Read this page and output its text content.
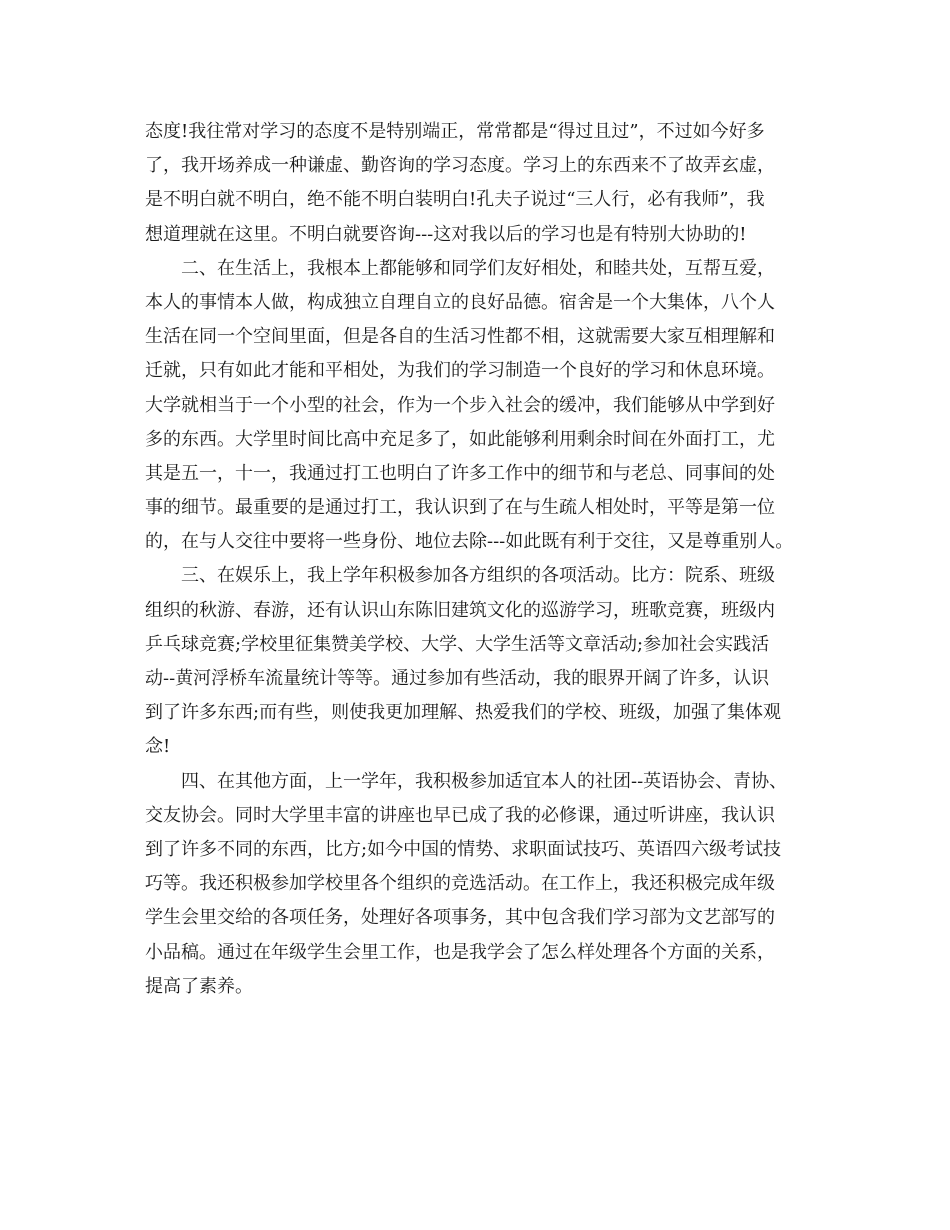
态度!我往常对学习的态度不是特别端正，常常都是“得过且过”，不过如今好多
了，我开场养成一种谦虚、勤咨询的学习态度。学习上的东西来不了故弄玄虚，
是不明白就不明白，绝不能不明白装明白!孔夫子说过“三人行，必有我师”，我
想道理就在这里。不明白就要咨询---这对我以后的学习也是有特别大协助的!
二、在生活上，我根本上都能够和同学们友好相处，和睦共处，互帮互爱，
本人的事情本人做，构成独立自理自立的良好品德。宿舍是一个大集体，八个人
生活在同一个空间里面，但是各自的生活习性都不相，这就需要大家互相理解和
迁就，只有如此才能和平相处，为我们的学习制造一个良好的学习和休息环境。
大学就相当于一个小型的社会，作为一个步入社会的缓冲，我们能够从中学到好
多的东西。大学里时间比高中充足多了，如此能够利用剩余时间在外面打工，尤
其是五一，十一，我通过打工也明白了许多工作中的细节和与老总、同事间的处
事的细节。最重要的是通过打工，我认识到了在与生疏人相处时，平等是第一位
的，在与人交往中要将一些身份、地位去除---如此既有利于交往，又是尊重别人。
三、在娱乐上，我上学年积极参加各方组织的各项活动。比方：院系、班级
组织的秋游、春游，还有认识山东陈旧建筑文化的巡游学习，班歌竞赛，班级内
乒乓球竞赛;学校里征集赞美学校、大学、大学生活等文章活动;参加社会实践活
动--黄河浮桥车流量统计等等。通过参加有些活动，我的眼界开阔了许多，认识
到了许多东西;而有些，则使我更加理解、热爱我们的学校、班级，加强了集体观
念!
四、在其他方面，上一学年，我积极参加适宜本人的社团--英语协会、青协、
交友协会。同时大学里丰富的讲座也早已成了我的必修课，通过听讲座，我认识
到了许多不同的东西，比方;如今中国的情势、求职面试技巧、英语四六级考试技
巧等。我还积极参加学校里各个组织的竞选活动。在工作上，我还积极完成年级
学生会里交给的各项任务，处理好各项事务，其中包含我们学习部为文艺部写的
小品稿。通过在年级学生会里工作，也是我学会了怎么样处理各个方面的关系，
提高了素养。
